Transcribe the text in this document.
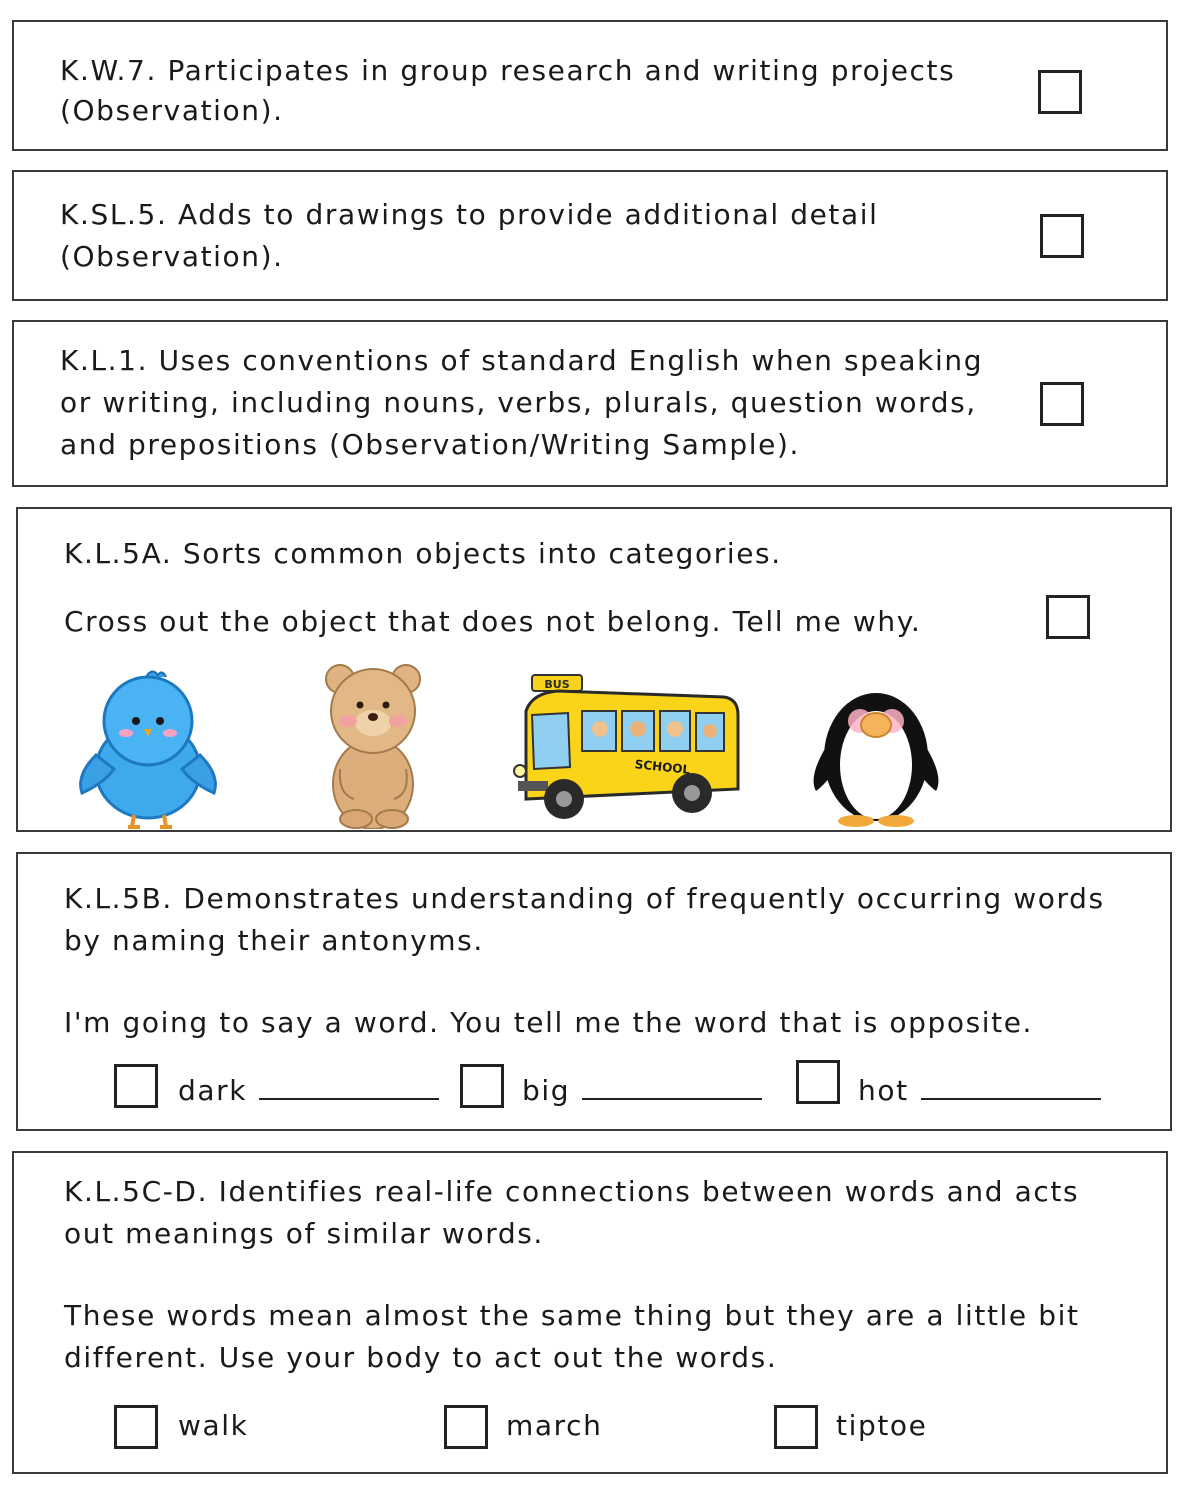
K.W.7. Participates in group research and writing projects

(Observation).

K.SL.5. Adds to drawings to provide additional detail

(Observation).

K.L.1. Uses conventions of standard English when speaking

or writing, including nouns, verbs, plurals, question words,

and prepositions (Observation/Writing Sample).

K.L.5A. Sorts common objects into categories.

Cross out the object that does not belong. Tell me why.

BUS
SCHOOL

K.L.5B. Demonstrates understanding of frequently occurring words

by naming their antonyms.

I'm going to say a word. You tell me the word that is opposite.

dark	big	hot

K.L.5C-D. Identifies real-life connections between words and acts

out meanings of similar words.

These words mean almost the same thing but they are a little bit

different. Use your body to act out the words.

walk	march	tiptoe
